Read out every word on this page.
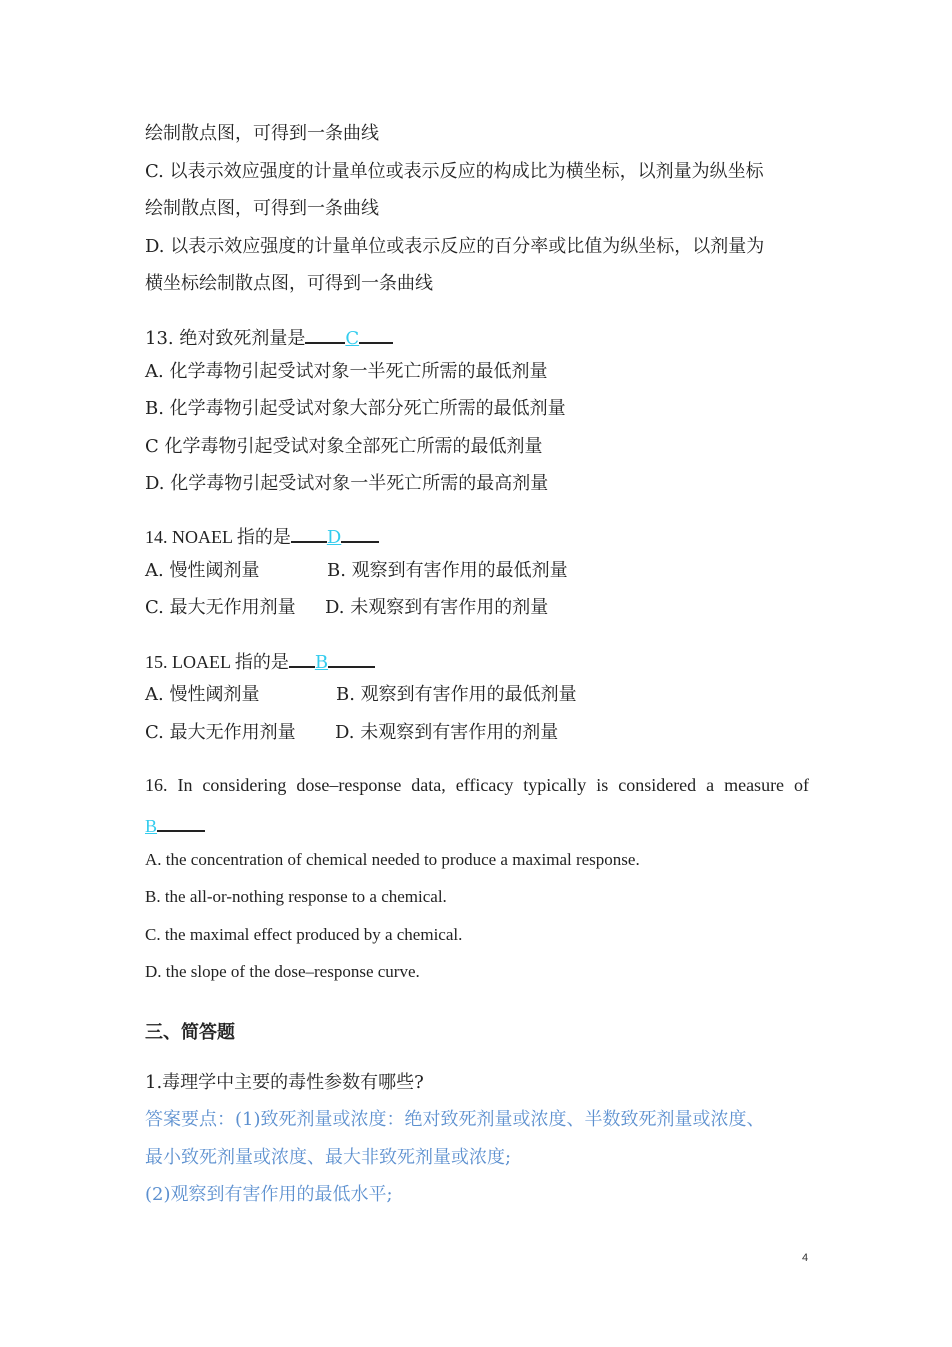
绘制散点图，可得到一条曲线
C. 以表示效应强度的计量单位或表示反应的构成比为横坐标，以剂量为纵坐标
绘制散点图，可得到一条曲线
D. 以表示效应强度的计量单位或表示反应的百分率或比值为纵坐标，以剂量为
横坐标绘制散点图，可得到一条曲线
13. 绝对致死剂量是 C
A. 化学毒物引起受试对象一半死亡所需的最低剂量
B. 化学毒物引起受试对象大部分死亡所需的最低剂量
C 化学毒物引起受试对象全部死亡所需的最低剂量
D. 化学毒物引起受试对象一半死亡所需的最高剂量
14. NOAEL 指的是 D
A. 慢性阈剂量	B. 观察到有害作用的最低剂量
C. 最大无作用剂量 D. 未观察到有害作用的剂量
15. LOAEL 指的是 B
A. 慢性阈剂量	B. 观察到有害作用的最低剂量
C. 最大无作用剂量 D. 未观察到有害作用的剂量
16. In considering dose–response data, efficacy typically is considered a measure of
B
A. the concentration of chemical needed to produce a maximal response.
B. the all-or-nothing response to a chemical.
C. the maximal effect produced by a chemical.
D. the slope of the dose–response curve.
三、简答题
1.毒理学中主要的毒性参数有哪些?
答案要点：(1)致死剂量或浓度：绝对致死剂量或浓度、半数致死剂量或浓度、
最小致死剂量或浓度、最大非致死剂量或浓度;
(2)观察到有害作用的最低水平;
4
